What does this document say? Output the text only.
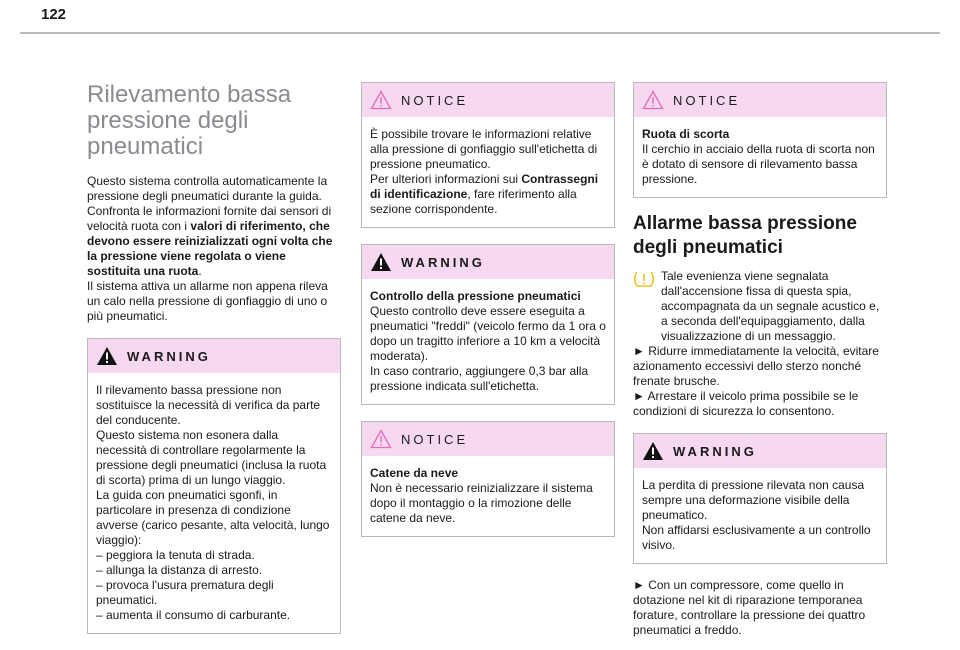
122

Rilevamento bassa pressione degli pneumatici

Questo sistema controlla automaticamente la pressione degli pneumatici durante la guida.

Confronta le informazioni fornite dai sensori di velocità ruota con i valori di riferimento, che devono essere reinizializzati ogni volta che la pressione viene regolata o viene sostituita una ruota.

Il sistema attiva un allarme non appena rileva un calo nella pressione di gonfiaggio di uno o più pneumatici.

WARNING

Il rilevamento bassa pressione non sostituisce la necessità di verifica da parte del conducente.

Questo sistema non esonera dalla necessità di controllare regolarmente la pressione degli pneumatici (inclusa la ruota di scorta) prima di un lungo viaggio.

La guida con pneumatici sgonfi, in particolare in presenza di condizione avverse (carico pesante, alta velocità, lungo viaggio):

– peggiora la tenuta di strada.

– allunga la distanza di arresto.

– provoca l'usura prematura degli pneumatici.

– aumenta il consumo di carburante.

NOTICE

È possibile trovare le informazioni relative alla pressione di gonfiaggio sull'etichetta di pressione pneumatico.

Per ulteriori informazioni sui Contrassegni di identificazione, fare riferimento alla sezione corrispondente.

WARNING

Controllo della pressione pneumatici

Questo controllo deve essere eseguita a pneumatici "freddi" (veicolo fermo da 1 ora o dopo un tragitto inferiore a 10 km a velocità moderata).

In caso contrario, aggiungere 0,3 bar alla pressione indicata sull'etichetta.

NOTICE

Catene da neve

Non è necessario reinizializzare il sistema dopo il montaggio o la rimozione delle catene da neve.

NOTICE

Ruota di scorta

Il cerchio in acciaio della ruota di scorta non è dotato di sensore di rilevamento bassa pressione.

Allarme bassa pressione degli pneumatici

Tale evenienza viene segnalata dall'accensione fissa di questa spia, accompagnata da un segnale acustico e, a seconda dell'equipaggiamento, dalla visualizzazione di un messaggio.

► Ridurre immediatamente la velocità, evitare azionamento eccessivi dello sterzo nonché frenate brusche.

► Arrestare il veicolo prima possibile se le condizioni di sicurezza lo consentono.

WARNING

La perdita di pressione rilevata non causa sempre una deformazione visibile della pneumatico.

Non affidarsi esclusivamente a un controllo visivo.

► Con un compressore, come quello in dotazione nel kit di riparazione temporanea forature, controllare la pressione dei quattro pneumatici a freddo.
